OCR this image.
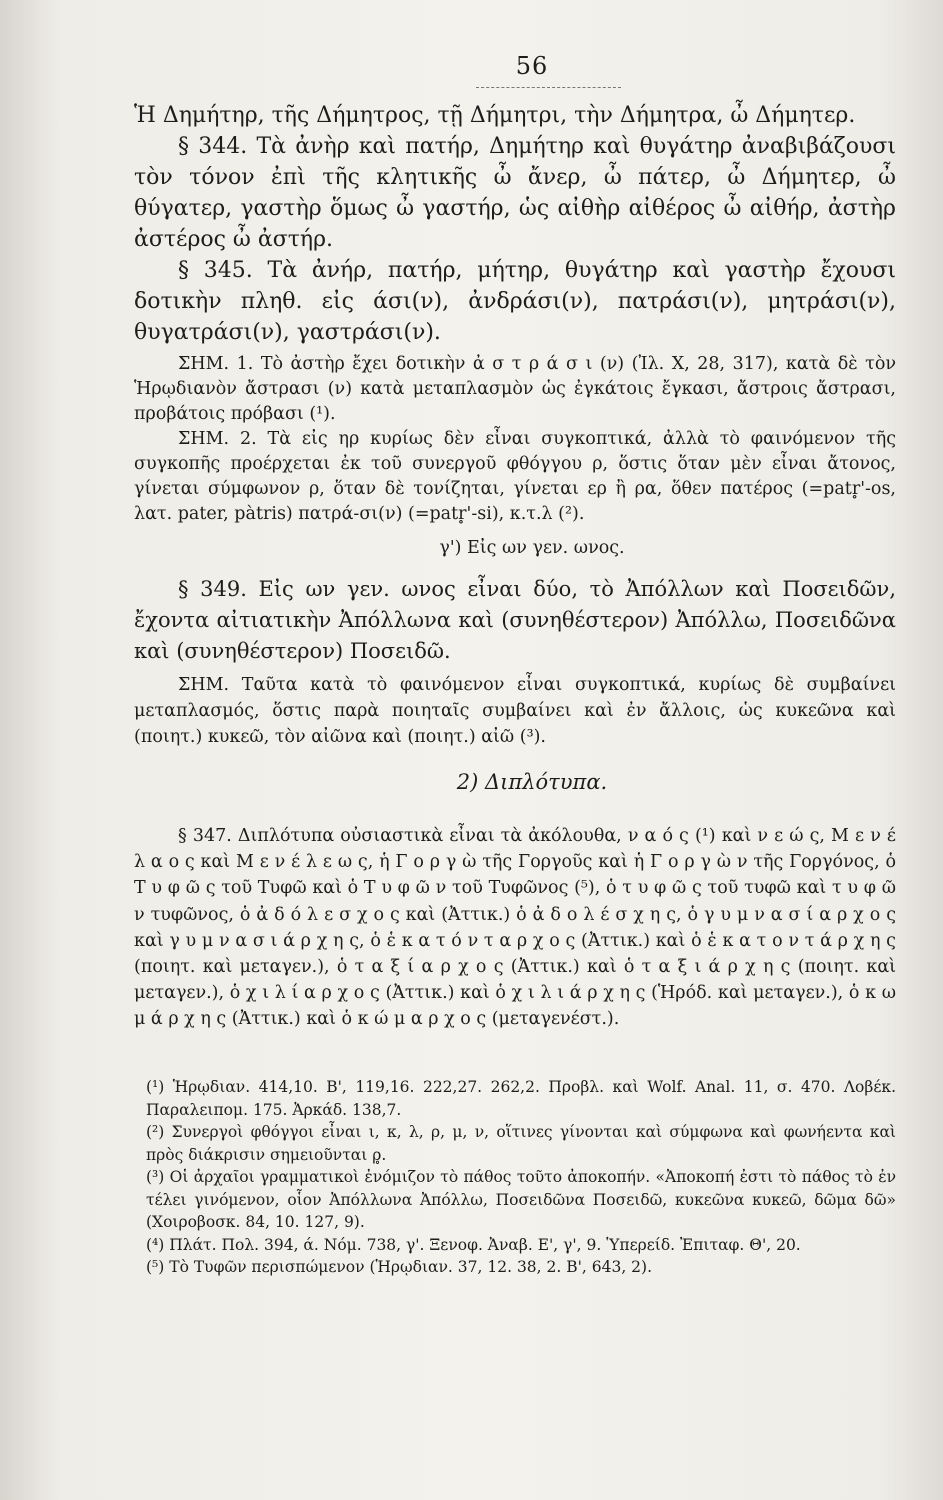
56

Ἡ Δημήτηρ, τῆς Δήμητρος, τῇ Δήμητρι, τὴν Δήμητρα, ὦ Δήμητερ.

§ 344. Τὰ ἀνὴρ καὶ πατήρ, Δημήτηρ καὶ θυγάτηρ ἀναβιβάζουσι τὸν τόνον ἐπὶ τῆς κλητικῆς ὦ ἄνερ, ὦ πάτερ, ὦ Δήμητερ, ὦ θύγατερ, γαστὴρ ὅμως ὦ γαστήρ, ὡς αἰθὴρ αἰθέρος ὦ αἰθήρ, ἀστὴρ ἀστέρος ὦ ἀστήρ.

§ 345. Τὰ ἀνήρ, πατήρ, μήτηρ, θυγάτηρ καὶ γαστὴρ ἔχουσι δοτικὴν πληθ. εἰς άσι(ν), ἀνδράσι(ν), πατράσι(ν), μητράσι(ν), θυγατράσι(ν), γαστράσι(ν).

ΣΗΜ. 1. Τὸ ἀστὴρ ἔχει δοτικὴν ἀ σ τ ρ ά σ ι (ν) (Ἰλ. Χ, 28, 317), κατὰ δὲ τὸν Ἡρῳδιανὸν ἄστρασι (ν) κατὰ μεταπλασμὸν ὡς ἐγκάτοις ἔγκασι, ἄστροις ἄστρασι, προβάτοις πρόβασι (¹).

ΣΗΜ. 2. Τὰ εἰς ηρ κυρίως δὲν εἶναι συγκοπτικά, ἀλλὰ τὸ φαινόμενον τῆς συγκοπῆς προέρχεται ἐκ τοῦ συνεργοῦ φθόγγου ρ, ὅστις ὅταν μὲν εἶναι ἄτονος, γίνεται σύμφωνον ρ, ὅταν δὲ τονίζηται, γίνεται ερ ἢ ρα, ὅθεν πατέρος (=patr̥'-os, λατ. pater, pàtris) πατρά-σι(ν) (=patr̥'-si), κ.τ.λ (²).

γ') Εἰς ων γεν. ωνος.

§ 349. Εἰς ων γεν. ωνος εἶναι δύο, τὸ Ἀπόλλων καὶ Ποσειδῶν, ἔχοντα αἰτιατικὴν Ἀπόλλωνα καὶ (συνηθέστερον) Ἀπόλλω, Ποσειδῶνα καὶ (συνηθέστερον) Ποσειδῶ.

ΣΗΜ. Ταῦτα κατὰ τὸ φαινόμενον εἶναι συγκοπτικά, κυρίως δὲ συμβαίνει μεταπλασμός, ὅστις παρὰ ποιηταῖς συμβαίνει καὶ ἐν ἄλλοις, ὡς κυκεῶνα καὶ (ποιητ.) κυκεῶ, τὸν αἰῶνα καὶ (ποιητ.) αἰῶ (³).

2) Διπλότυπα.

§ 347. Διπλότυπα οὐσιαστικὰ εἶναι τὰ ἀκόλουθα, ν α ό ς (¹) καὶ ν ε ώ ς, Μ ε ν έ λ α ο ς καὶ Μ ε ν έ λ ε ω ς, ἡ Γ ο ρ γ ὼ τῆς Γοργοῦς καὶ ἡ Γ ο ρ γ ὼ ν τῆς Γοργόνος, ὁ Τ υ φ ῶ ς τοῦ Τυφῶ καὶ ὁ Τ υ φ ῶ ν τοῦ Τυφῶνος (⁵), ὁ τ υ φ ῶ ς τοῦ τυφῶ καὶ τ υ φ ῶ ν τυφῶνος, ὁ ἀ δ ό λ ε σ χ ο ς καὶ (Ἀττικ.) ὁ ἀ δ ο λ έ σ χ η ς, ὁ γ υ μ ν α σ ί α ρ χ ο ς καὶ γ υ μ ν α σ ι ά ρ χ η ς, ὁ ἑ κ α τ ό ν τ α ρ χ ο ς (Ἀττικ.) καὶ ὁ ἑ κ α τ ο ν τ ά ρ χ η ς (ποιητ. καὶ μεταγεν.), ὁ τ α ξ ί α ρ χ ο ς (Ἀττικ.) καὶ ὁ τ α ξ ι ά ρ χ η ς (ποιητ. καὶ μεταγεν.), ὁ χ ι λ ί α ρ χ ο ς (Ἀττικ.) καὶ ὁ χ ι λ ι ά ρ χ η ς (Ἡρόδ. καὶ μεταγεν.), ὁ κ ω μ ά ρ χ η ς (Ἀττικ.) καὶ ὁ κ ώ μ α ρ χ ο ς (μεταγενέστ.).

(¹) Ἡρῳδιαν. 414,10. Β', 119,16. 222,27. 262,2. Προβλ. καὶ Wolf. Anal. 11, σ. 470. Λοβέκ. Παραλειπομ. 175. Ἀρκάδ. 138,7.

(²) Συνεργοὶ φθόγγοι εἶναι ι, κ, λ, ρ, μ, ν, οἵτινες γίνονται καὶ σύμφωνα καὶ φωνήεντα καὶ πρὸς διάκρισιν σημειοῦνται ρ̥.

(³) Οἱ ἀρχαῖοι γραμματικοὶ ἐνόμιζον τὸ πάθος τοῦτο ἀποκοπήν. «Ἀποκοπή ἐστι τὸ πάθος τὸ ἐν τέλει γινόμενον, οἷον Ἀπόλλωνα Ἀπόλλω, Ποσειδῶνα Ποσειδῶ, κυκεῶνα κυκεῶ, δῶμα δῶ» (Χοιροβοσκ. 84, 10. 127, 9).

(⁴) Πλάτ. Πολ. 394, ά. Νόμ. 738, γ'. Ξενοφ. Ἀναβ. Ε', γ', 9. Ὑπερείδ. Ἐπιταφ. Θ', 20.

(⁵) Τὸ Τυφῶν περισπώμενον (Ἡρῳδιαν. 37, 12. 38, 2. Β', 643, 2).
